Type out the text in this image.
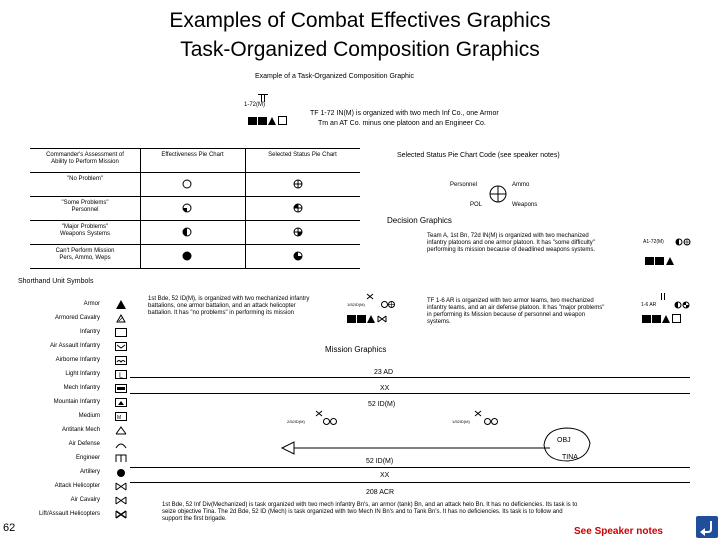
Examples of Combat Effectives Graphics
Task-Organized Composition Graphics
Example of a Task-Organized Composition Graphic
1-72(M)
TF 1-72 IN(M) is organized with two mech Inf Co., one Armor
Tm an AT Co. minus one platoon and an Engineer Co.
Commander's Assessment of
Ability to Perform Mission
Effectiveness Pie Chart	Selected Status Pie Chart
"No Problem"
"Some Problems"
Personnel
"Major Problems"
Weapons Systems
Can't Perform Mission
Pers, Ammo, Weps
Selected Status Pie Chart Code (see speaker notes)
Personnel	Ammo
POL	Weapons
Decision Graphics
Team A, 1st Bn, 72d IN(M) is organized with two mechanized infantry platoons and one armor platoon. It has "some difficulty" performing its mission because of deadlined weapons systems.
A1-72(M)
Shorthand Unit Symbols
Armor
Armored Cavalry
Infantry
Air Assault Infantry
Airborne Infantry
Light Infantry
Mech Infantry
Mountain Infantry
Medium
Antitank Mech
Air Defense
Engineer
Artillery
Attack Helicopter
Air Cavalry
Lift/Assault Helicopters
L
M
1st Bde, 52 ID(M), is organized with two mechanized infantry battalions, one armor battalion, and an attack helicopter battalion. It has "no problems" in performing its mission
1/52ID(M)
TF 1-6 AR is organized with two armor teams, two mechanized infantry teams, and an air defense platoon. It has "major problems" in performing its Mission because of personnel and weapon systems.
1-6 AR
Mission Graphics
23 AD
XX
52 ID(M)
2/52ID(M)	1/52ID(M)
OBJ
TINA
52 ID(M)
XX
208 ACR
1st Bde, 52 Inf Div(Mechanized) is task organized with two mech infantry Bn's, an armor (tank) Bn, and an attack helo Bn. It has no deficiencies. Its task is to seize objective Tina. The 2d Bde, 52 ID (Mech) is task organized with two Mech IN Bn's and to Tank Bn's. It has no deficiencies. Its task is to follow and support the first brigade.
62	See Speaker notes
